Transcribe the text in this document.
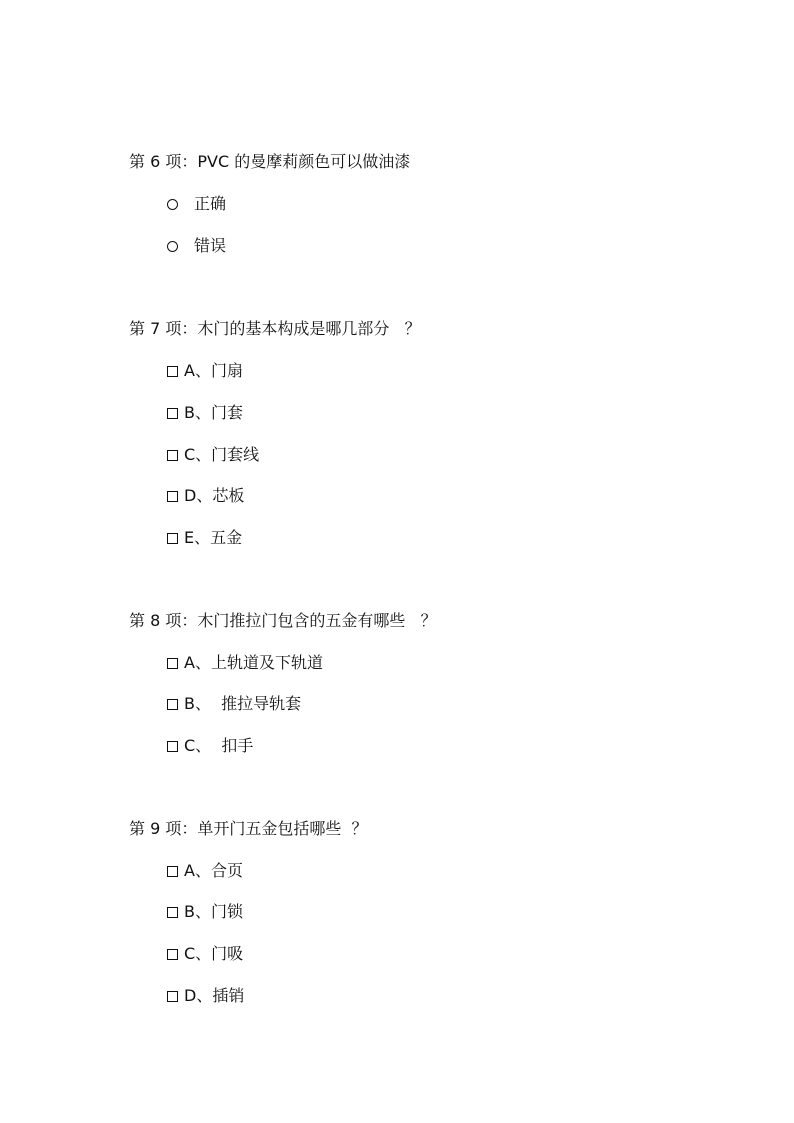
第 6 项：PVC 的曼摩莉颜色可以做油漆
正确
错误
第 7 项：木门的基本构成是哪几部分   ？
A、门扇
B、门套
C、门套线
D、芯板
E、五金
第 8 项：木门推拉门包含的五金有哪些   ？
A、上轨道及下轨道
B、  推拉导轨套
C、  扣手
第 9 项：单开门五金包括哪些  ？
A、合页
B、门锁
C、门吸
D、插销
